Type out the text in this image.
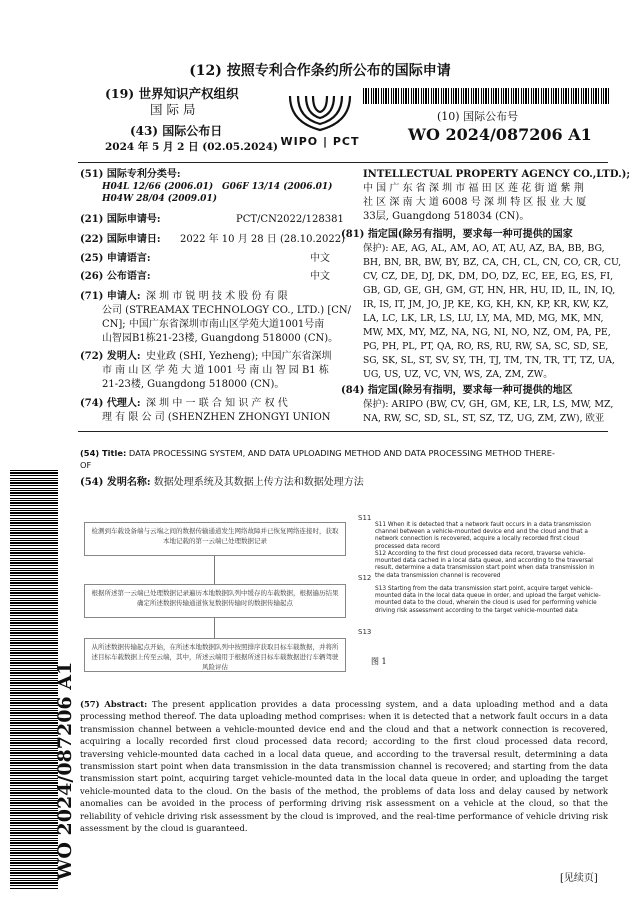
(12) 按照专利合作条约所公布的国际申请
(19) 世界知识产权组织
国 际 局
(43) 国际公布日
2024 年 5 月 2 日 (02.05.2024) WIPO | PCT
(10) 国际公布号
WO 2024/087206 A1
(51) 国际专利分类号:
H04L 12/66 (2006.01) G06F 13/14 (2006.01)
H04W 28/04 (2009.01)
(21) 国际申请号:	PCT/CN2022/128381
(22) 国际申请日: 2022 年 10 月 28 日 (28.10.2022)
(25) 申请语言:	中文
(26) 公布语言:	中文
(71) 申请人: 深 圳 市 锐 明 技 术 股 份 有 限
公司 (STREAMAX TECHNOLOGY CO., LTD.) [CN/
CN]; 中国广东省深圳市南山区学苑大道1001号南
山智园B1栋21-23楼, Guangdong 518000 (CN)。
(72) 发明人: 史业政 (SHI, Yezheng); 中国广东省深圳
市 南 山 区 学 苑 大 道 1001 号 南 山 智 园 B1 栋
21-23楼, Guangdong 518000 (CN)。
(74) 代理人: 深 圳 中 一 联 合 知 识 产 权 代
理 有 限 公 司 (SHENZHEN ZHONGYI UNION
INTELLECTUAL PROPERTY AGENCY CO.,LTD.);
中 国 广 东 省 深 圳 市 福 田 区 莲 花 街 道 紫 荆
社 区 深 南 大 道 6008 号 深 圳 特 区 报 业 大 厦
33层, Guangdong 518034 (CN)。
(81) 指定国(除另有指明，要求每一种可提供的国家
保护): AE, AG, AL, AM, AO, AT, AU, AZ, BA, BB, BG,
BH, BN, BR, BW, BY, BZ, CA, CH, CL, CN, CO, CR, CU,
CV, CZ, DE, DJ, DK, DM, DO, DZ, EC, EE, EG, ES, FI,
GB, GD, GE, GH, GM, GT, HN, HR, HU, ID, IL, IN, IQ,
IR, IS, IT, JM, JO, JP, KE, KG, KH, KN, KP, KR, KW, KZ,
LA, LC, LK, LR, LS, LU, LY, MA, MD, MG, MK, MN,
MW, MX, MY, MZ, NA, NG, NI, NO, NZ, OM, PA, PE,
PG, PH, PL, PT, QA, RO, RS, RU, RW, SA, SC, SD, SE,
SG, SK, SL, ST, SV, SY, TH, TJ, TM, TN, TR, TT, TZ, UA,
UG, US, UZ, VC, VN, WS, ZA, ZM, ZW。
(84) 指定国(除另有指明，要求每一种可提供的地区
保护): ARIPO (BW, CV, GH, GM, KE, LR, LS, MW, MZ,
NA, RW, SC, SD, SL, ST, SZ, TZ, UG, ZM, ZW), 欧亚
(54) Title: DATA PROCESSING SYSTEM, AND DATA UPLOADING METHOD AND DATA PROCESSING METHOD THERE-
OF
(54) 发明名称: 数据处理系统及其数据上传方法和数据处理方法
检测到车载设备端与云端之间的数据传输通道发生网络故障并已恢复网络连接时，获取本地记载的第一云端已处理数据记录
根据所述第一云端已处理数据记录遍历本地数据队列中缓存的车载数据，根据遍历结果确定所述数据传输通道恢复数据传输时的数据传输起点
从所述数据传输起点开始，在所述本地数据队列中按照排序获取目标车载数据，并将所述目标车载数据上传至云端，其中，所述云端用于根据所述目标车载数据进行车辆驾驶风险评估
S11
S12
S13
S11 When it is detected that a network fault occurs in a data transmission channel between a vehicle-mounted device end and the cloud and that a network connection is recovered, acquire a locally recorded first cloud processed data record
S12 According to the first cloud processed data record, traverse vehicle-mounted data cached in a local data queue, and according to the traversal result, determine a data transmission start point when data transmission in the data transmission channel is recovered
S13 Starting from the data transmission start point, acquire target vehicle-mounted data in the local data queue in order, and upload the target vehicle-mounted data to the cloud, wherein the cloud is used for performing vehicle driving risk assessment according to the target vehicle-mounted data
图 1
(57) Abstract: The present application provides a data processing system, and a data uploading method and a data processing method thereof. The data uploading method comprises: when it is detected that a network fault occurs in a data transmission channel between a vehicle-mounted device end and the cloud and that a network connection is recovered, acquiring a locally recorded first cloud processed data record; according to the first cloud processed data record, traversing vehicle-mounted data cached in a local data queue, and according to the traversal result, determining a data transmission start point when data transmission in the data transmission channel is recovered; and starting from the data transmission start point, acquiring target vehicle-mounted data in the local data queue in order, and uploading the target vehicle-mounted data to the cloud. On the basis of the method, the problems of data loss and delay caused by network anomalies can be avoided in the process of performing driving risk assessment on a vehicle at the cloud, so that the reliability of vehicle driving risk assessment by the cloud is improved, and the real-time performance of vehicle driving risk assessment by the cloud is guaranteed.
WO 2024/087206 A1	[见续页]
